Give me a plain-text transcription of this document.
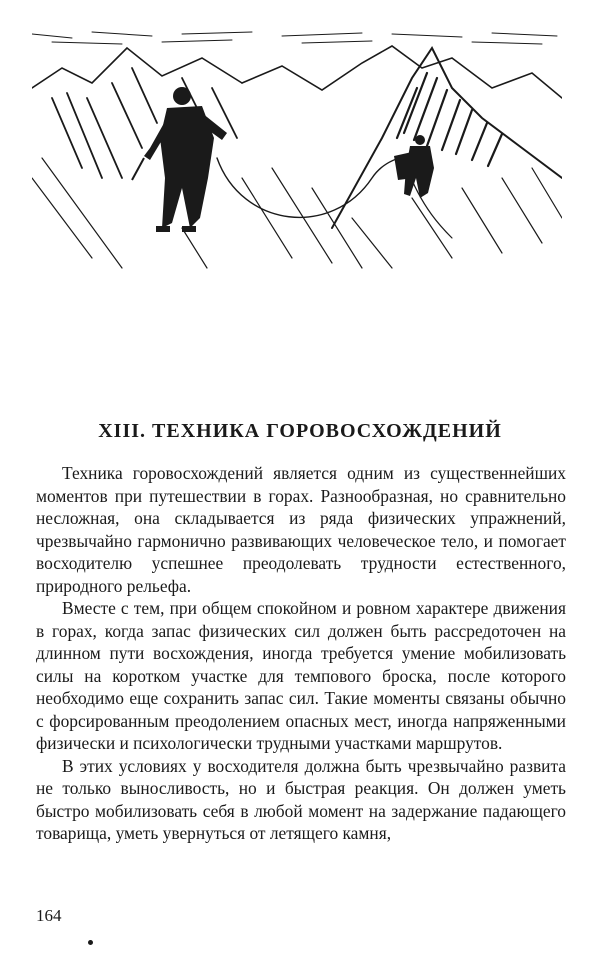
XIII. ТЕХНИКА ГОРОВОСХОЖДЕНИЙ

Техника горовосхождений является одним из существеннейших моментов при путешествии в горах. Разнообразная, но сравнительно несложная, она складывается из ряда физических упражнений, чрезвычайно гармонично развивающих человеческое тело, и помогает восходителю успешнее преодолевать трудности естественного, природного рельефа.

Вместе с тем, при общем спокойном и ровном характере движения в горах, когда запас физических сил должен быть рассредоточен на длинном пути восхождения, иногда требуется умение мобилизовать силы на коротком участке для темпового броска, после которого необходимо еще сохранить запас сил. Такие моменты связаны обычно с форсированным преодолением опасных мест, иногда напряженными физически и психологически трудными участками маршрутов.

В этих условиях у восходителя должна быть чрезвычайно развита не только выносливость, но и быстрая реакция. Он должен уметь быстро мобилизовать себя в любой момент на задержание падающего товарища, уметь увернуться от летящего камня,

164
